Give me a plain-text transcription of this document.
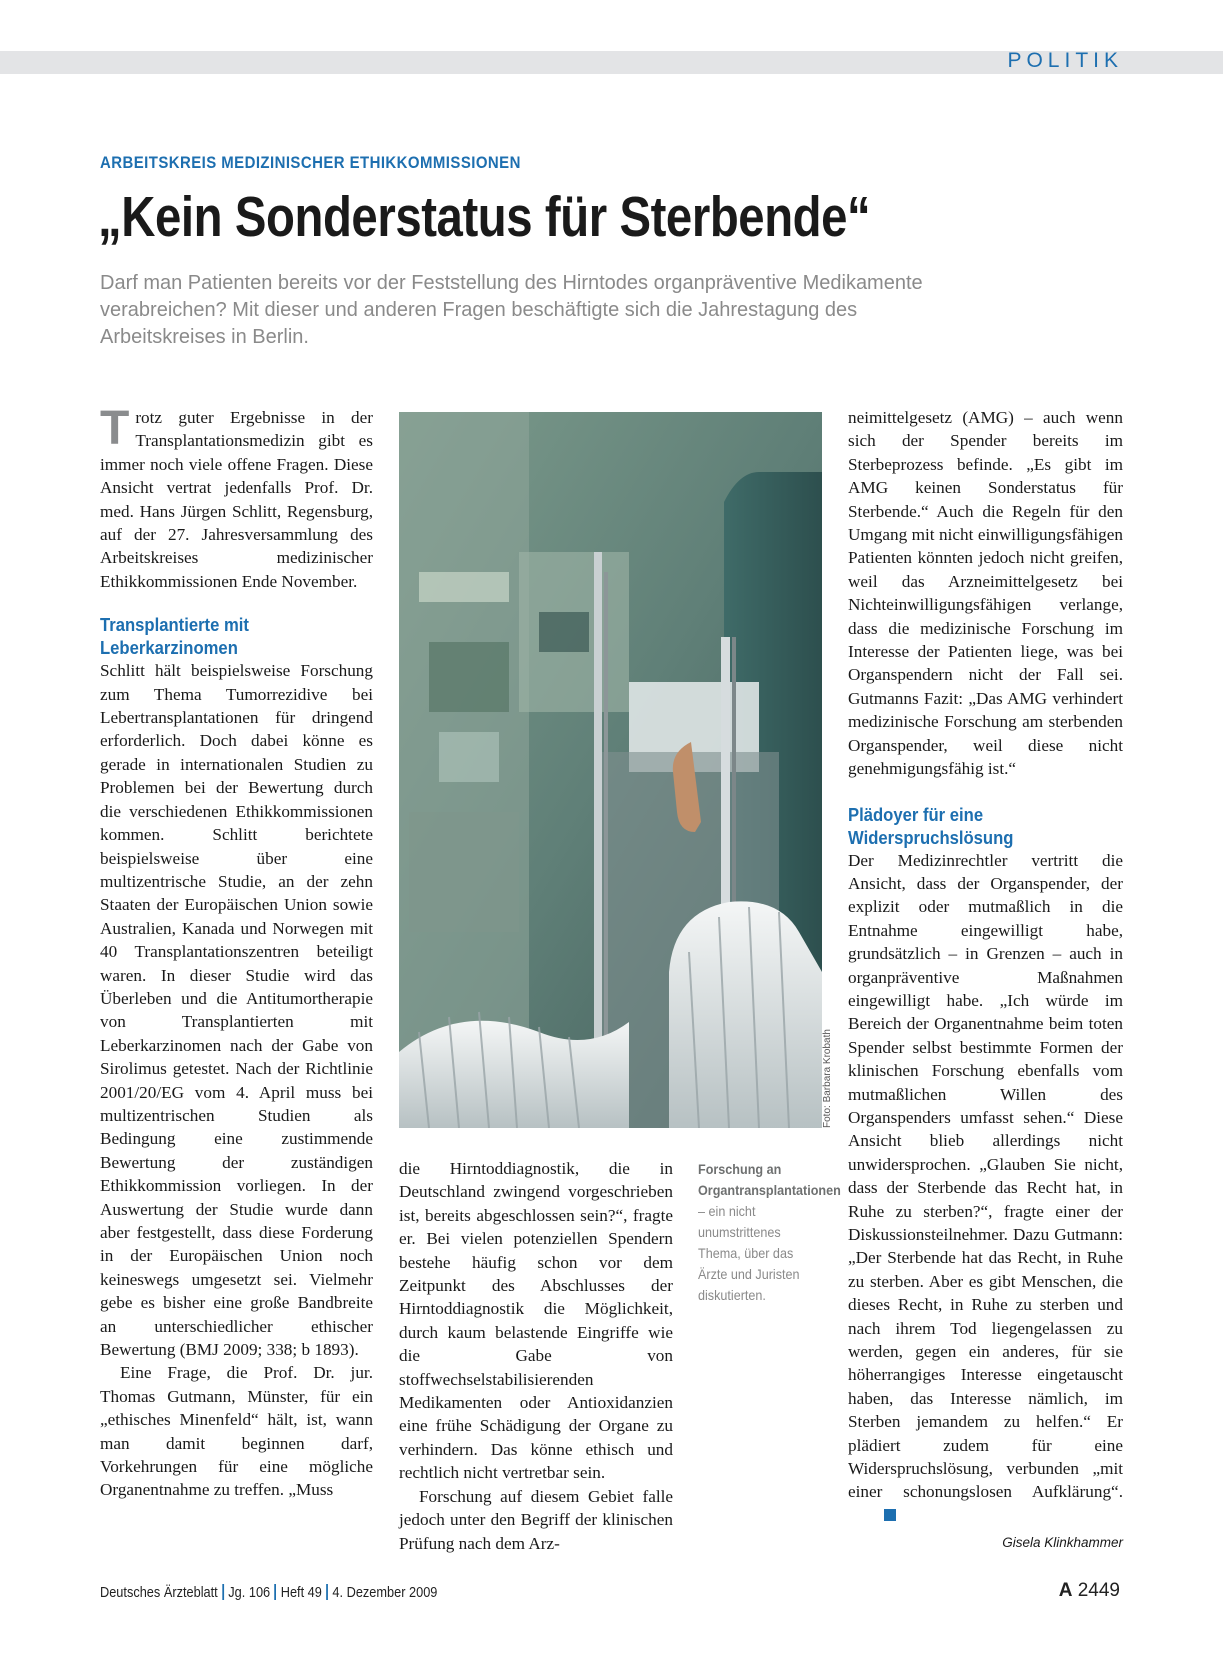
POLITIK
ARBEITSKREIS MEDIZINISCHER ETHIKKOMMISSIONEN
„Kein Sonderstatus für Sterbende“

Darf man Patienten bereits vor der Feststellung des Hirntodes organpräventive Medikamente verabreichen? Mit dieser und anderen Fragen beschäftigte sich die Jahrestagung des Arbeitskreises in Berlin.

Trotz guter Ergebnisse in der Transplantationsmedizin gibt es immer noch viele offene Fragen. Diese Ansicht vertrat jedenfalls Prof. Dr. med. Hans Jürgen Schlitt, Regensburg, auf der 27. Jahresversammlung des Arbeitskreises medizinischer Ethikkommissionen Ende November.

Transplantierte mit Leberkarzinomen

Schlitt hält beispielsweise Forschung zum Thema Tumorrezidive bei Lebertransplantationen für dringend erforderlich. Doch dabei könne es gerade in internationalen Studien zu Problemen bei der Bewertung durch die verschiedenen Ethikkommissionen kommen. Schlitt berichtete beispielsweise über eine multizentrische Studie, an der zehn Staaten der Europäischen Union sowie Australien, Kanada und Norwegen mit 40 Transplantationszentren beteiligt waren. In dieser Studie wird das Überleben und die Antitumortherapie von Transplantierten mit Leberkarzinomen nach der Gabe von Sirolimus getestet. Nach der Richtlinie 2001/20/EG vom 4. April muss bei multizentrischen Studien als Bedingung eine zustimmende Bewertung der zuständigen Ethikkommission vorliegen. In der Auswertung der Studie wurde dann aber festgestellt, dass diese Forderung in der Europäischen Union noch keineswegs umgesetzt sei. Vielmehr gebe es bisher eine große Bandbreite an unterschiedlicher ethischer Bewertung (BMJ 2009; 338; b 1893).

Eine Frage, die Prof. Dr. jur. Thomas Gutmann, Münster, für ein „ethisches Minenfeld“ hält, ist, wann man damit beginnen darf, Vorkehrungen für eine mögliche Organentnahme zu treffen. „Muss

Foto: Barbara Krobath
Forschung an Organtransplantationen – ein nicht unumstrittenes Thema, über das Ärzte und Juristen diskutierten.

die Hirntoddiagnostik, die in Deutschland zwingend vorgeschrieben ist, bereits abgeschlossen sein?“, fragte er. Bei vielen potenziellen Spendern bestehe häufig schon vor dem Zeitpunkt des Abschlusses der Hirntoddiagnostik die Möglichkeit, durch kaum belastende Eingriffe wie die Gabe von stoffwechselstabilisierenden Medikamenten oder Antioxidanzien eine frühe Schädigung der Organe zu verhindern. Das könne ethisch und rechtlich nicht vertretbar sein.

Forschung auf diesem Gebiet falle jedoch unter den Begriff der klinischen Prüfung nach dem Arz-

neimittelgesetz (AMG) – auch wenn sich der Spender bereits im Sterbeprozess befinde. „Es gibt im AMG keinen Sonderstatus für Sterbende.“ Auch die Regeln für den Umgang mit nicht einwilligungsfähigen Patienten könnten jedoch nicht greifen, weil das Arzneimittelgesetz bei Nichteinwilligungsfähigen verlange, dass die medizinische Forschung im Interesse der Patienten liege, was bei Organspendern nicht der Fall sei. Gutmanns Fazit: „Das AMG verhindert medizinische Forschung am sterbenden Organspender, weil diese nicht genehmigungsfähig ist.“

Plädoyer für eine Widerspruchslösung

Der Medizinrechtler vertritt die Ansicht, dass der Organspender, der explizit oder mutmaßlich in die Entnahme eingewilligt habe, grundsätzlich – in Grenzen – auch in organpräventive Maßnahmen eingewilligt habe. „Ich würde im Bereich der Organentnahme beim toten Spender selbst bestimmte Formen der klinischen Forschung ebenfalls vom mutmaßlichen Willen des Organspenders umfasst sehen.“ Diese Ansicht blieb allerdings nicht unwidersprochen. „Glauben Sie nicht, dass der Sterbende das Recht hat, in Ruhe zu sterben?“, fragte einer der Diskussionsteilnehmer. Dazu Gutmann: „Der Sterbende hat das Recht, in Ruhe zu sterben. Aber es gibt Menschen, die dieses Recht, in Ruhe zu sterben und nach ihrem Tod liegengelassen zu werden, gegen ein anderes, für sie höherrangiges Interesse eingetauscht haben, das Interesse nämlich, im Sterben jemandem zu helfen.“ Er plädiert zudem für eine Widerspruchslösung, verbunden „mit einer schonungslosen Aufklärung“.

Gisela Klinkhammer
Deutsches Ärzteblatt Jg. 106 Heft 49 4. Dezember 2009	A 2449
